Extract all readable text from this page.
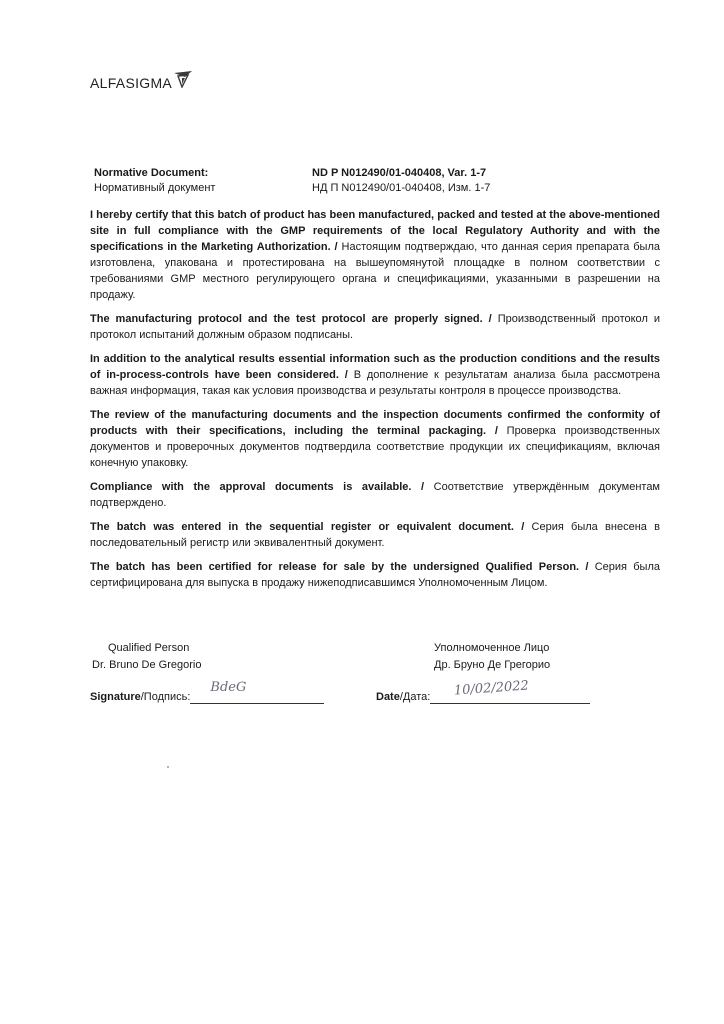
ALFASIGMA
Normative Document:	ND P N012490/01-040408, Var. 1-7
Нормативный документ	НД П N012490/01-040408, Изм. 1-7

I hereby certify that this batch of product has been manufactured, packed and tested at the above-mentioned site in full compliance with the GMP requirements of the local Regulatory Authority and with the specifications in the Marketing Authorization. / Настоящим подтверждаю, что данная серия препарата была изготовлена, упакована и протестирована на вышеупомянутой площадке в полном соответствии с требованиями GMP местного регулирующего органа и спецификациями, указанными в разрешении на продажу.

The manufacturing protocol and the test protocol are properly signed. / Производственный протокол и протокол испытаний должным образом подписаны.

In addition to the analytical results essential information such as the production conditions and the results of in-process-controls have been considered. / В дополнение к результатам анализа была рассмотрена важная информация, такая как условия производства и результаты контроля в процессе производства.

The review of the manufacturing documents and the inspection documents confirmed the conformity of products with their specifications, including the terminal packaging. / Проверка производственных документов и проверочных документов подтвердила соответствие продукции их спецификациям, включая конечную упаковку.

Compliance with the approval documents is available. / Соответствие утверждённым документам подтверждено.

The batch was entered in the sequential register or equivalent document. / Серия была внесена в последовательный регистр или эквивалентный документ.

The batch has been certified for release for sale by the undersigned Qualified Person. / Серия была сертифицирована для выпуска в продажу нижеподписавшимся Уполномоченным Лицом.

Qualified Person
Dr. Bruno De Gregorio
Уполномоченное Лицо
Др. Бруно Де Грегорио
Signature /Подпись:
BdeG
Date /Дата: 10/02/2022
